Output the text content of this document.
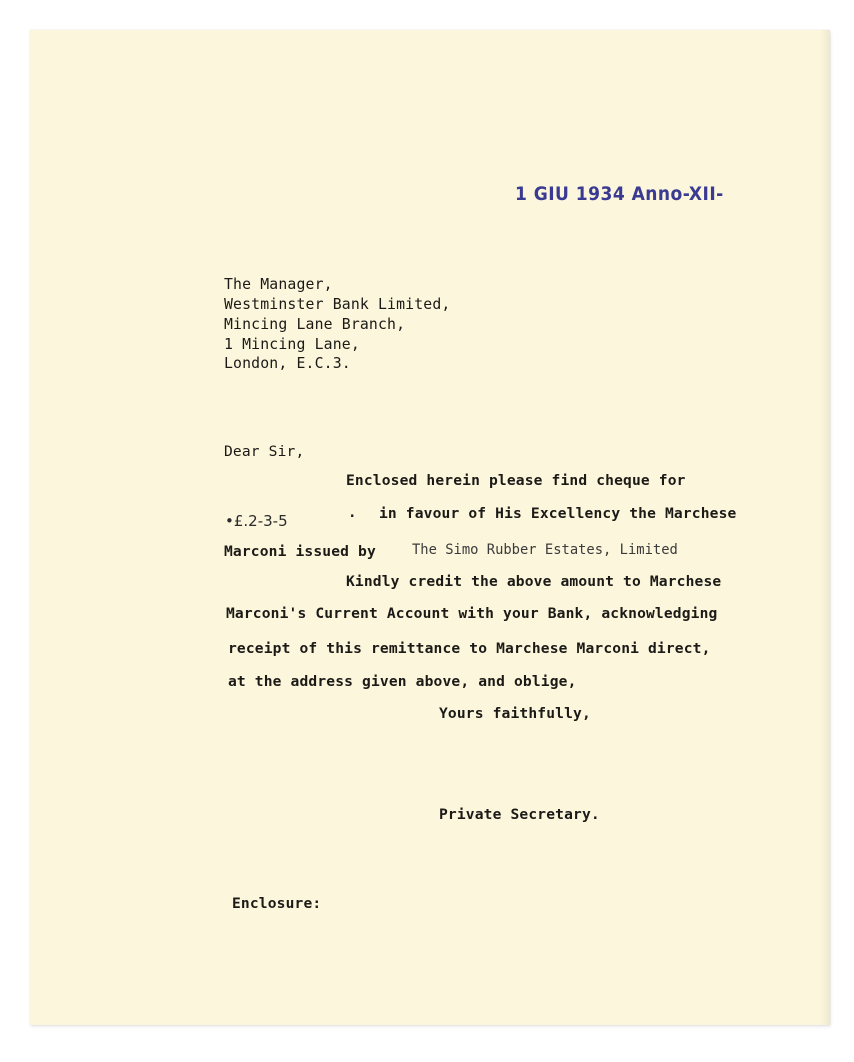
1 GIU 1934 Anno-XII-
The Manager,
Westminster Bank Limited,
Mincing Lane Branch,
1 Mincing Lane,
London, E.C.3.
Dear Sir,
Enclosed herein please find cheque for
•£.2-3-5	. in favour of His Excellency the Marchese
Marconi issued by	The Simo Rubber Estates, Limited
Kindly credit the above amount to Marchese
Marconi's Current Account with your Bank, acknowledging
receipt of this remittance to Marchese Marconi direct,
at the address given above, and oblige,
Yours faithfully,
Private Secretary.
Enclosure:
